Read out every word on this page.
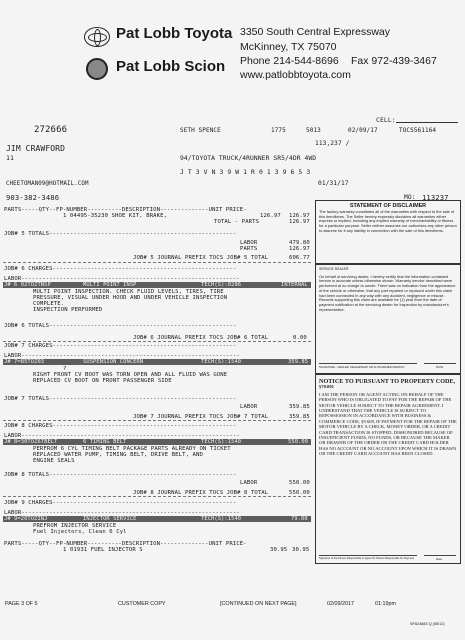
Pat Lobb Toyota
Pat Lobb Scion
3350 South Central Expressway
McKinney, TX 75070
Phone 214-544-8696 Fax 972-439-3467
www.patlobbtoyota.com
CELL:
272666	SETH SPENCE	1775	5013	02/09/17	TOCS561164
113,237 /
JIM CRAWFORD
11	94/TOYOTA TRUCK/4RUNNER SR5/4DR 4WD
J T 3 V N 3 9 W 1 R 0 1 3 9 6 5 3
CHEETOMAN09@HOTMAIL.COM	01/31/17
903-382-3486	MO: 113237
PARTS-----QTY--FP-NUMBER----------DESCRIPTION--------------UNIT PRICE-
1 04495-35230 SHOE KIT, BRAKE,	126.97 126.97
TOTAL - PARTS	126.97
JOB# 5 TOTALS------------------------------------------------------
LABOR	479.80
PARTS	126.97
JOB# 5 JOURNAL PREFIX TOCS JOB# 5 TOTAL	606.77
JOB# 6 CHARGES-----------------------------------------------------
LABOR---------------------------------------------------------------
J# 6 02TOZTNSP	MULTI POINT INSP	TECH(S):0286	INTERNAL
MULTI POINT INSPECTION. CHECK FLUID LEVELS, TIRES, TIRE
PRESSURE, VISUAL UNDER HOOD AND UNDER VEHICLE INSPECTION
COMPLETE.
INSPECTION PERFORMED
JOB# 6 TOTALS------------------------------------------------------
JOB# 6 JOURNAL PREFIX TOCS JOB# 6 TOTAL	0.00
JOB# 7 CHARGES-----------------------------------------------------
LABOR---------------------------------------------------------------
J# 7=85TOZ03	SUSPENSION CONCERN	TECH(S):1540	359.85
?
RIGHT FRONT CV BOOT WAS TORN OPEN AND ALL FLUID WAS GONE
REPLACED CV BOOT ON FRONT PASSENGER SIDE
JOB# 7 TOTALS------------------------------------------------------
LABOR	359.85
JOB# 7 JOURNAL PREFIX TOCS JOB# 7 TOTAL	359.85
JOB# 8 CHARGES-----------------------------------------------------
LABOR---------------------------------------------------------------
J# 8=30TOZ6TBELT	6 TIMING BELT	TECH(S):1540	550.00
PERFROM 6 CYL TIMING BELT PACKAGE PARTS ALREADY ON TICKET
REPLACED WATER PUMP, TIMING BELT, DRIVE BELT, AND
ENGINE SEALS
JOB# 8 TOTALS------------------------------------------------------
LABOR	550.00
JOB# 8 JOURNAL PREFIX TOCS JOB# 8 TOTAL	550.00
JOB# 9 CHARGES-----------------------------------------------------
LABOR---------------------------------------------------------------
J# 9=20TOZINJ	INJECTOR SERVICE	TECH(S):1540	79.00
PREFROM INJECTOR SERVICE
Fuel Injectors, Clean 6 Cyl
PARTS-----QTY--FP-NUMBER----------DESCRIPTION--------------UNIT PRICE-
1 01931 FUEL INJECTOR S	30.95 30.95
PAGE 3 OF 5	CUSTOMER COPY	[CONTINUED ON NEXT PAGE]	02/09/2017	01:19pm
SF624883 Q (08/12)
STATEMENT OF DISCLAIMER
The factory warranty constitutes all of the warranties with respect to the sale of this item/items. The Seller hereby expressly disclaims all warranties either express or implied, including any implied warranty of merchantability or fitness for a particular purpose. Seller neither assumes nor authorizes any other person to assume for it any liability in connection with the sale of this item/items.
SERVICE DEALER
On behalf of servicing dealer, I hereby certify that the information contained hereon is accurate unless otherwise shown. Warranty service described were performed at no charge to owner. There was no indication from the appearance of the vehicle or otherwise, that any part repaired or replaced under this claim had been connected in any way with any accident, negligence or misuse. Records supporting this claim are available for (1) year from the date of payment notification at the servicing dealer for inspection by manufacturer's representative.
SIGNATURE - DEALER, DEALERSHIP OR AUTHORIZED PERSON	DATE
NOTICE TO PURSUANT TO PROPERTY CODE,
§70.001
I AM THE PERSON OR AGENT ACTING ON BEHALF OF THE PERSON WHO IS OBLIGATED TO PAY FOR THE REPAIR OF THE MOTOR VEHICLE SUBJECT TO THE REPAIR AGREEMENT. I UNDERSTAND THAT THE VEHICLE IS SUBJECT TO REPOSSESSION IN ACCORDANCE WITH BUSINESS & COMMERCE CODE, §9.609, IF PAYMENT FOR THE REPAIR OF THE MOTOR VEHICLE BY A CHECK, MONEY ORDER, OR A CREDIT CARD TRANSACTION IS STOPPED, DISHONORED BECAUSE OF INSUFFICIENT FUNDS, NO FUNDS, OR BECAUSE THE MAKER OR DRAWER OF THE ORDER OR THE CREDIT CARD HOLDER HAS NO ACCOUNT OR NO ACCOUNT UPON WHICH IT IS DRAWN OR THE CREDIT CARD ACCOUNT HAS BEEN CLOSED.
Signature of the Person Responsible or Agent for Person Responsible for Payment	Date
